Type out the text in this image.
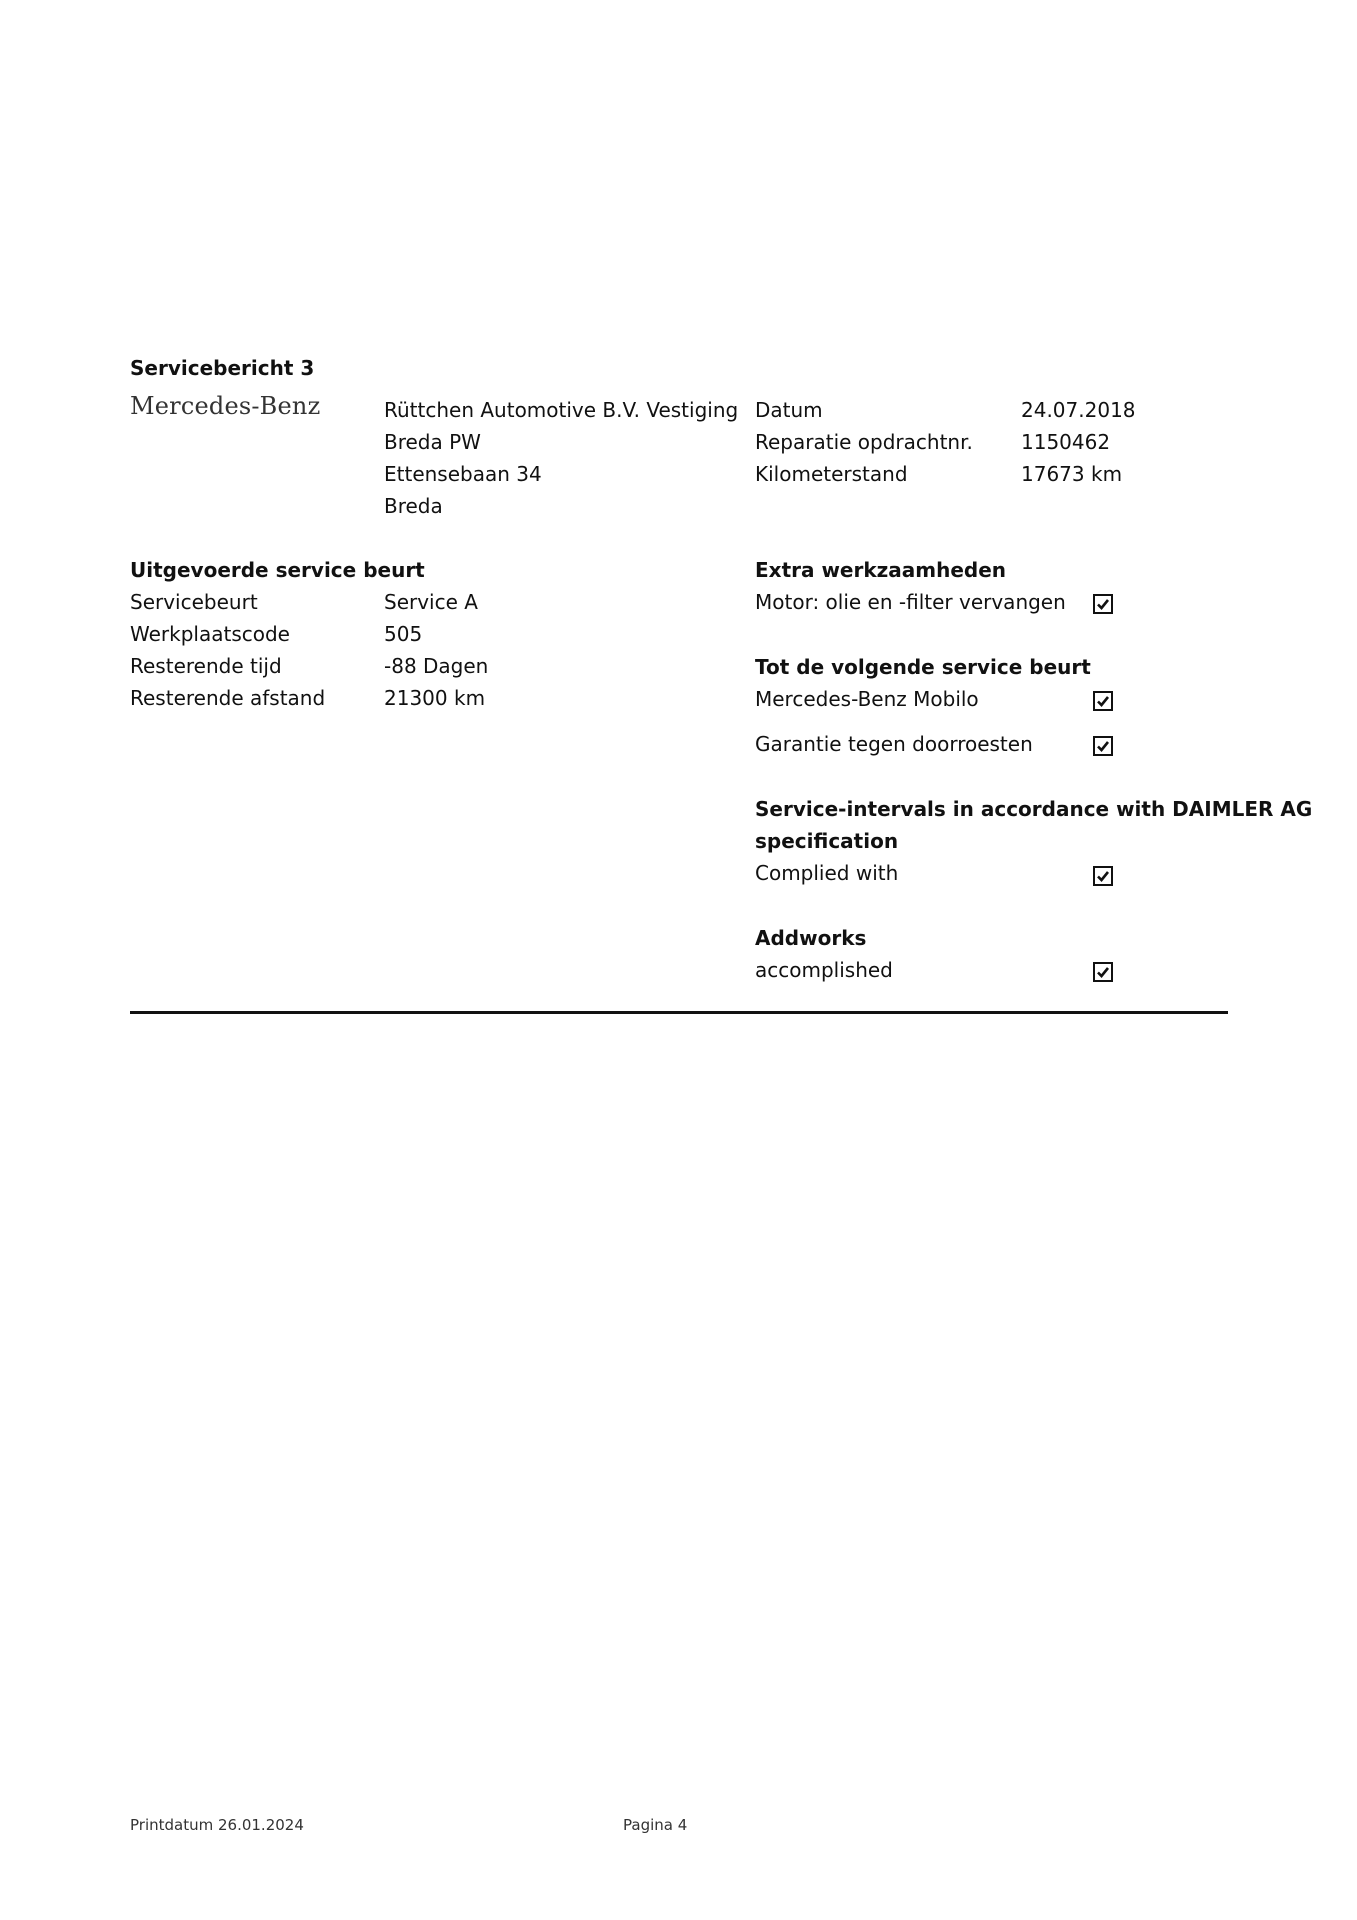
Servicebericht 3
Mercedes-Benz	Rüttchen Automotive B.V. Vestiging
Breda PW
Ettensebaan 34
Breda
Datum	24.07.2018
Reparatie opdrachtnr. 1150462
Kilometerstand	17673 km
Uitgevoerde service beurt
Servicebeurt	Service A
Werkplaatscode	505
Resterende tijd	-88 Dagen
Resterende afstand	21300 km
Extra werkzaamheden
Motor: olie en -filter vervangen
Tot de volgende service beurt
Mercedes-Benz Mobilo
Garantie tegen doorroesten
Service-intervals in accordance with DAIMLER AG
specification
Complied with
Addworks
accomplished
Printdatum 26.01.2024	Pagina 4
